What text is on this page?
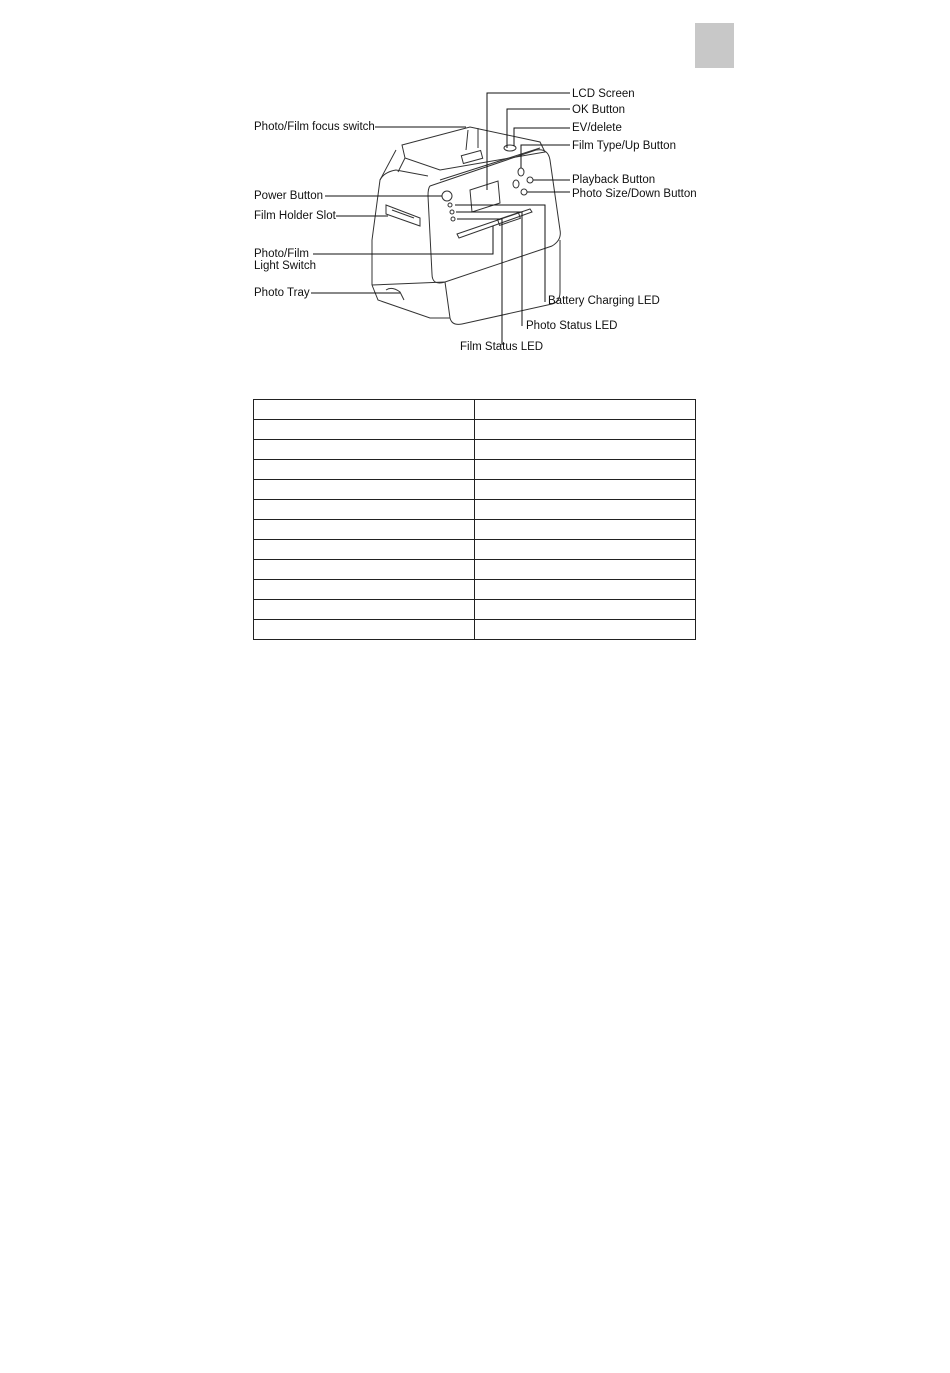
LCD Screen
OK Button
EV/delete
Film Type/Up Button
Playback Button
Photo Size/Down Button
Photo/Film focus switch
Power Button
Film Holder Slot
Photo/Film
Light Switch
Photo Tray
Battery Charging LED
Photo Status LED
Film Status LED
